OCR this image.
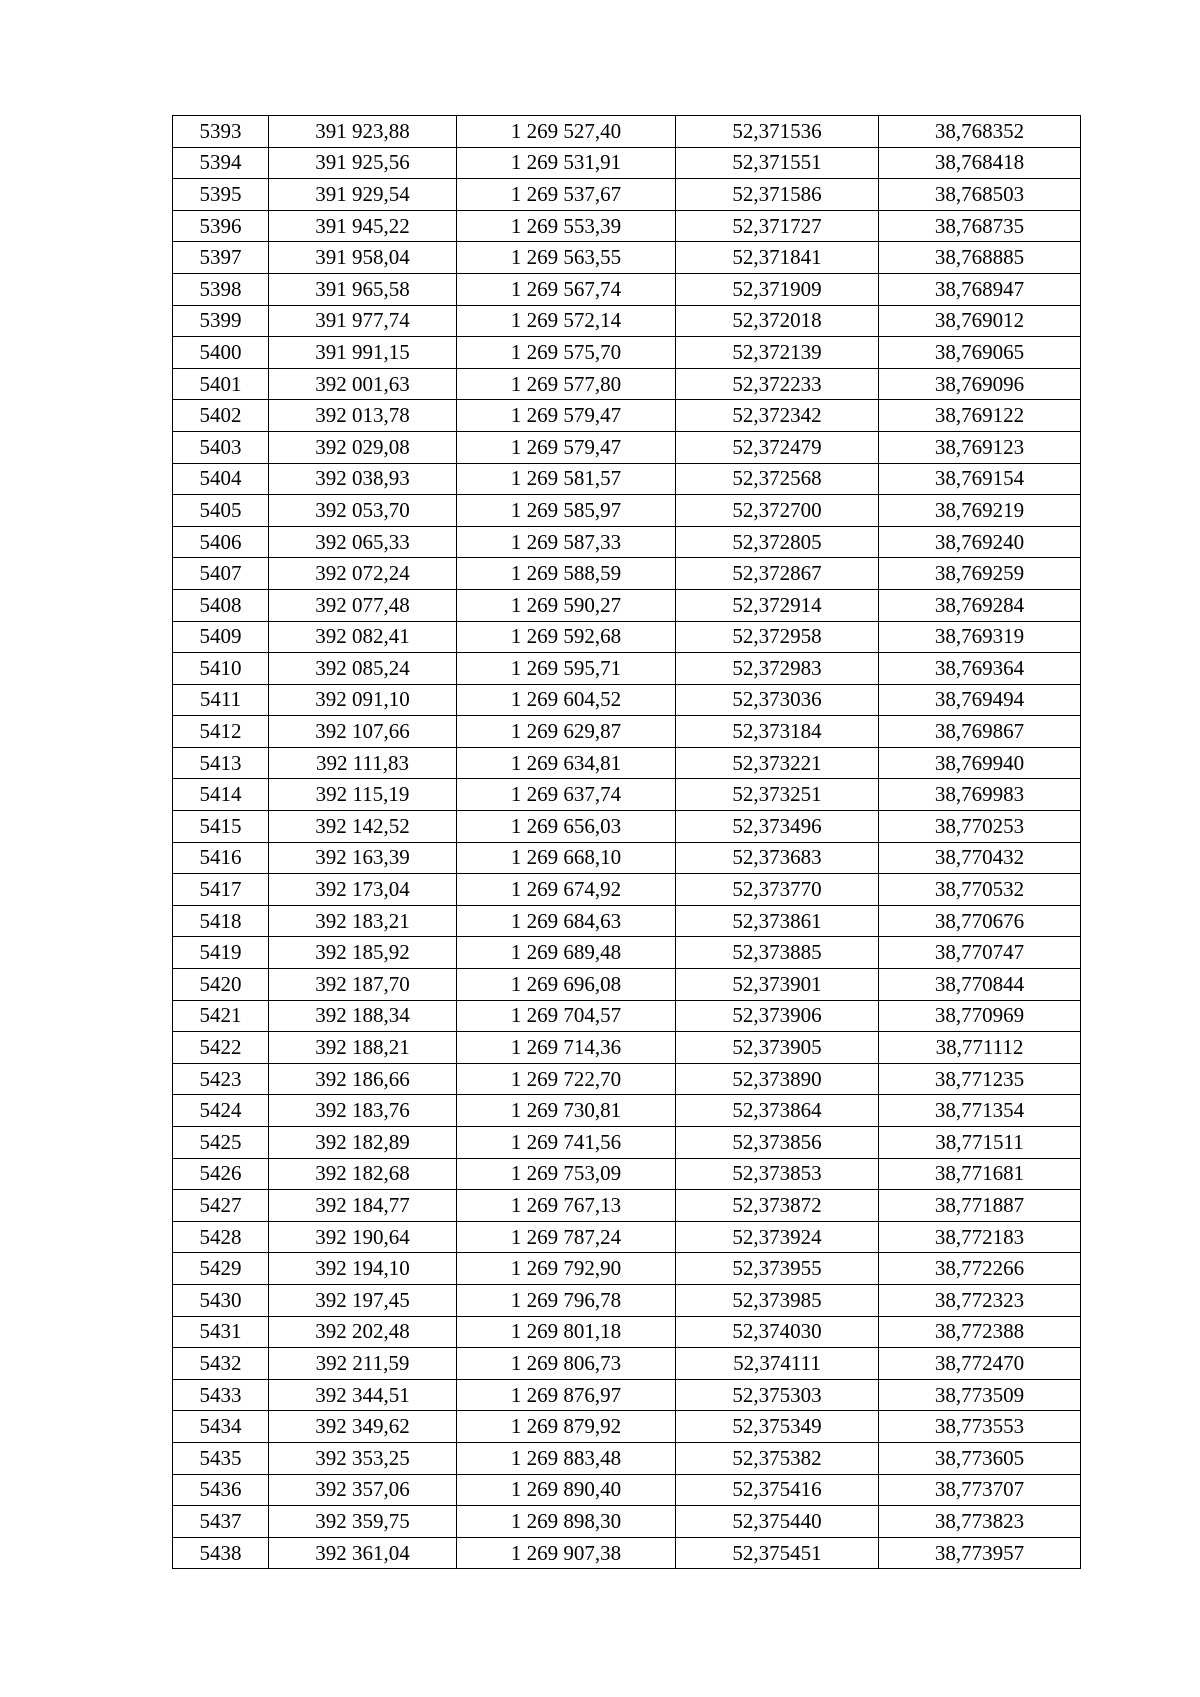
5393	391 923,88	1 269 527,40	52,371536	38,768352
5394	391 925,56	1 269 531,91	52,371551	38,768418
5395	391 929,54	1 269 537,67	52,371586	38,768503
5396	391 945,22	1 269 553,39	52,371727	38,768735
5397	391 958,04	1 269 563,55	52,371841	38,768885
5398	391 965,58	1 269 567,74	52,371909	38,768947
5399	391 977,74	1 269 572,14	52,372018	38,769012
5400	391 991,15	1 269 575,70	52,372139	38,769065
5401	392 001,63	1 269 577,80	52,372233	38,769096
5402	392 013,78	1 269 579,47	52,372342	38,769122
5403	392 029,08	1 269 579,47	52,372479	38,769123
5404	392 038,93	1 269 581,57	52,372568	38,769154
5405	392 053,70	1 269 585,97	52,372700	38,769219
5406	392 065,33	1 269 587,33	52,372805	38,769240
5407	392 072,24	1 269 588,59	52,372867	38,769259
5408	392 077,48	1 269 590,27	52,372914	38,769284
5409	392 082,41	1 269 592,68	52,372958	38,769319
5410	392 085,24	1 269 595,71	52,372983	38,769364
5411	392 091,10	1 269 604,52	52,373036	38,769494
5412	392 107,66	1 269 629,87	52,373184	38,769867
5413	392 111,83	1 269 634,81	52,373221	38,769940
5414	392 115,19	1 269 637,74	52,373251	38,769983
5415	392 142,52	1 269 656,03	52,373496	38,770253
5416	392 163,39	1 269 668,10	52,373683	38,770432
5417	392 173,04	1 269 674,92	52,373770	38,770532
5418	392 183,21	1 269 684,63	52,373861	38,770676
5419	392 185,92	1 269 689,48	52,373885	38,770747
5420	392 187,70	1 269 696,08	52,373901	38,770844
5421	392 188,34	1 269 704,57	52,373906	38,770969
5422	392 188,21	1 269 714,36	52,373905	38,771112
5423	392 186,66	1 269 722,70	52,373890	38,771235
5424	392 183,76	1 269 730,81	52,373864	38,771354
5425	392 182,89	1 269 741,56	52,373856	38,771511
5426	392 182,68	1 269 753,09	52,373853	38,771681
5427	392 184,77	1 269 767,13	52,373872	38,771887
5428	392 190,64	1 269 787,24	52,373924	38,772183
5429	392 194,10	1 269 792,90	52,373955	38,772266
5430	392 197,45	1 269 796,78	52,373985	38,772323
5431	392 202,48	1 269 801,18	52,374030	38,772388
5432	392 211,59	1 269 806,73	52,374111	38,772470
5433	392 344,51	1 269 876,97	52,375303	38,773509
5434	392 349,62	1 269 879,92	52,375349	38,773553
5435	392 353,25	1 269 883,48	52,375382	38,773605
5436	392 357,06	1 269 890,40	52,375416	38,773707
5437	392 359,75	1 269 898,30	52,375440	38,773823
5438	392 361,04	1 269 907,38	52,375451	38,773957
